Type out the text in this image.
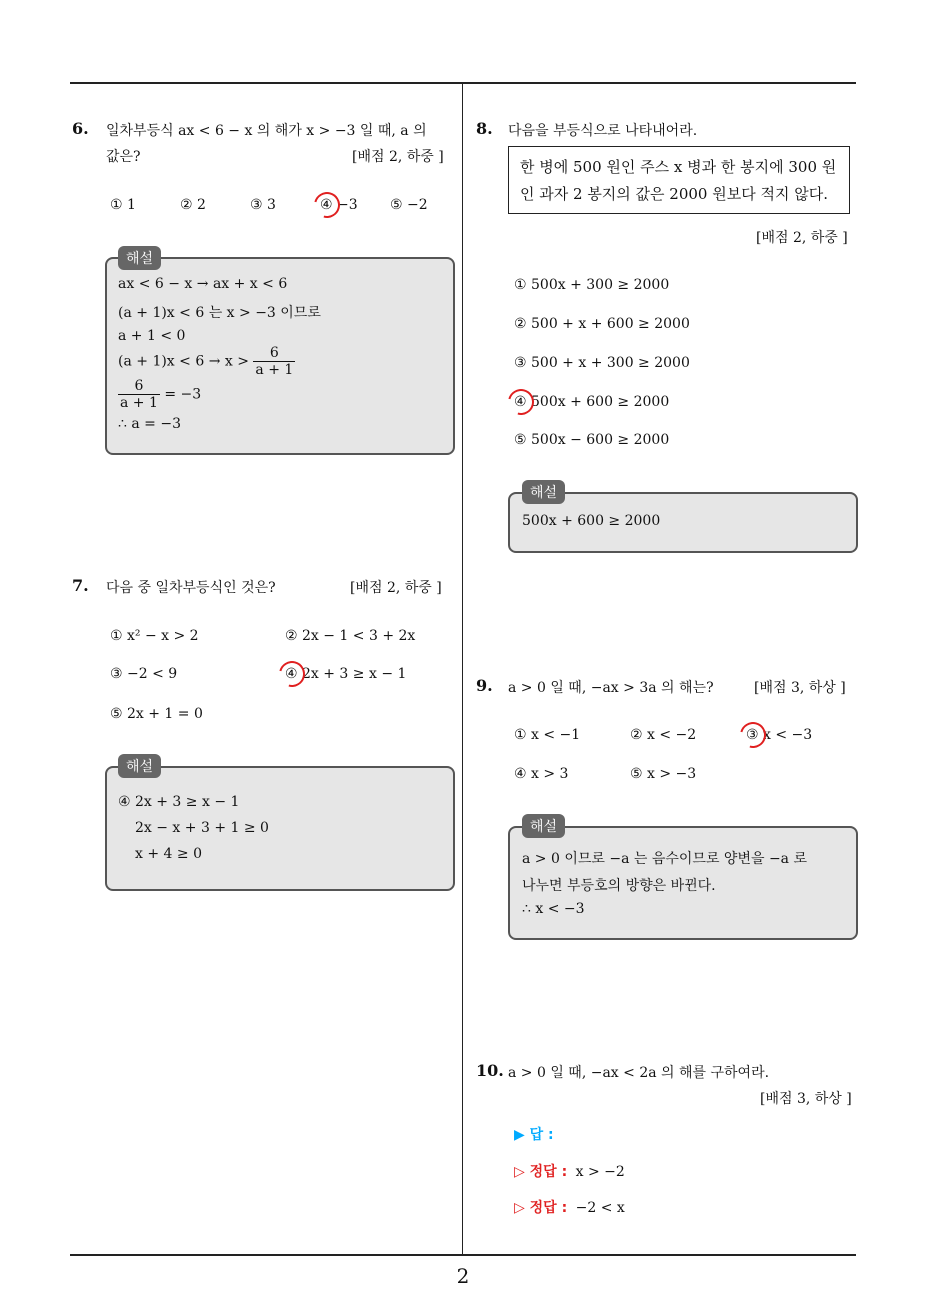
6. 일차부등식 ax < 6 − x 의 해가 x > −3 일 때, a 의
값은?	[배점 2, 하중 ]
① 1	② 2	③ 3	④ −3 ⑤ −2
해설
ax < 6 − x → ax + x < 6
(a + 1)x < 6 는 x > −3 이므로
a + 1 < 0
$(a + 1)x < 6 \to x > \frac{6}{a + 1}$
$\frac{6}{a + 1} = -3$
∴ a = −3
7. 다음 중 일차부등식인 것은?	[배점 2, 하중 ]
① x² − x > 2	② 2x − 1 < 3 + 2x
③ −2 < 9	④ 2x + 3 ≥ x − 1
⑤ 2x + 1 = 0
해설
④ 2x + 3 ≥ x − 1
2x − x + 3 + 1 ≥ 0
x + 4 ≥ 0
8. 다음을 부등식으로 나타내어라.
한 병에 500 원인 주스 x 병과 한 봉지에 300 원
인 과자 2 봉지의 값은 2000 원보다 적지 않다.
[배점 2, 하중 ]
① 500x + 300 ≥ 2000
② 500 + x + 600 ≥ 2000
③ 500 + x + 300 ≥ 2000
④ 500x + 600 ≥ 2000
⑤ 500x − 600 ≥ 2000
해설
500x + 600 ≥ 2000
9. a > 0 일 때, −ax > 3a 의 해는?	[배점 3, 하상 ]
① x < −1	② x < −2	③ x < −3
④ x > 3	⑤ x > −3
해설
a > 0 이므로 −a 는 음수이므로 양변을 −a 로
나누면 부등호의 방향은 바뀐다.
∴ x < −3
10. a > 0 일 때, −ax < 2a 의 해를 구하여라.
[배점 3, 하상 ]
▶ 답 :
▷ 정답 : x > −2
▷ 정답 : −2 < x
2
